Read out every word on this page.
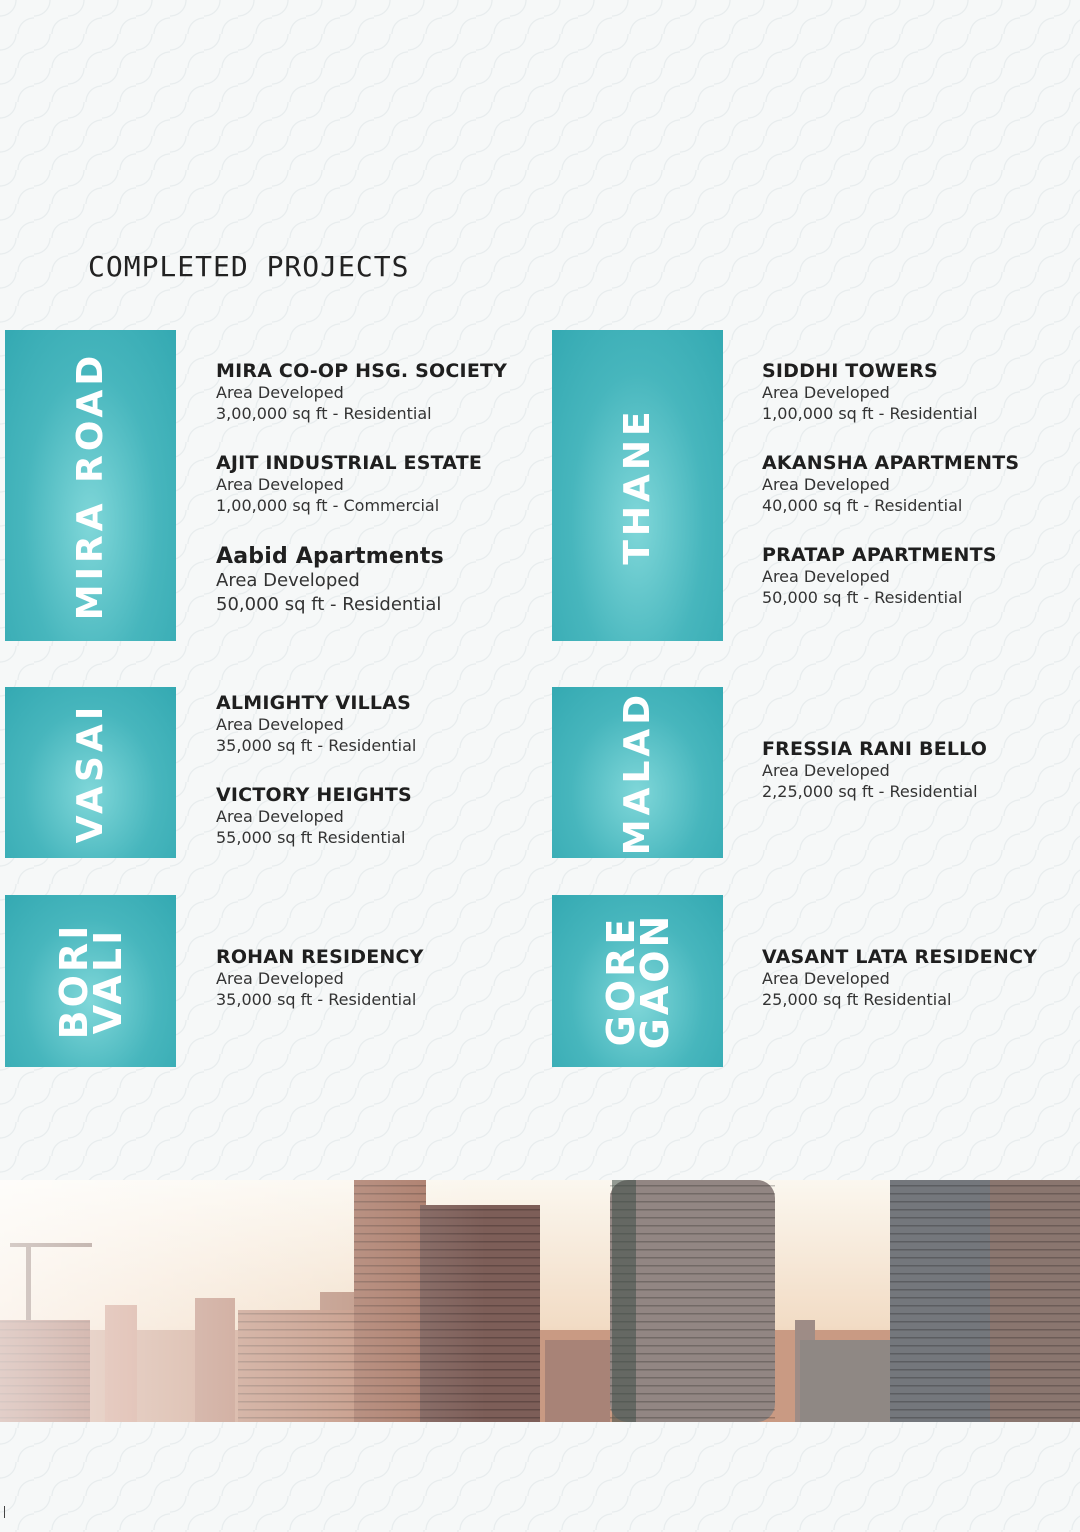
COMPLETED PROJECTS
MIRA ROAD	MIRA CO-OP HSG. SOCIETY
Area Developed
3,00,000 sq ft - Residential
AJIT INDUSTRIAL ESTATE
Area Developed
1,00,000 sq ft - Commercial
Aabid Apartments
Area Developed
50,000 sq ft - Residential
THANE
SIDDHI TOWERS
Area Developed
1,00,000 sq ft - Residential
AKANSHA APARTMENTS
Area Developed
40,000 sq ft - Residential
PRATAP APARTMENTS
Area Developed
50,000 sq ft - Residential
VASAI	ALMIGHTY VILLAS
Area Developed
35,000 sq ft - Residential
VICTORY HEIGHTS
Area Developed
55,000 sq ft Residential	MALAD	FRESSIA RANI BELLO
Area Developed
2,25,000 sq ft - Residential
BORI
VALI	ROHAN RESIDENCY
Area Developed
35,000 sq ft - Residential	GORE
GAON	VASANT LATA RESIDENCY
Area Developed
25,000 sq ft Residential
